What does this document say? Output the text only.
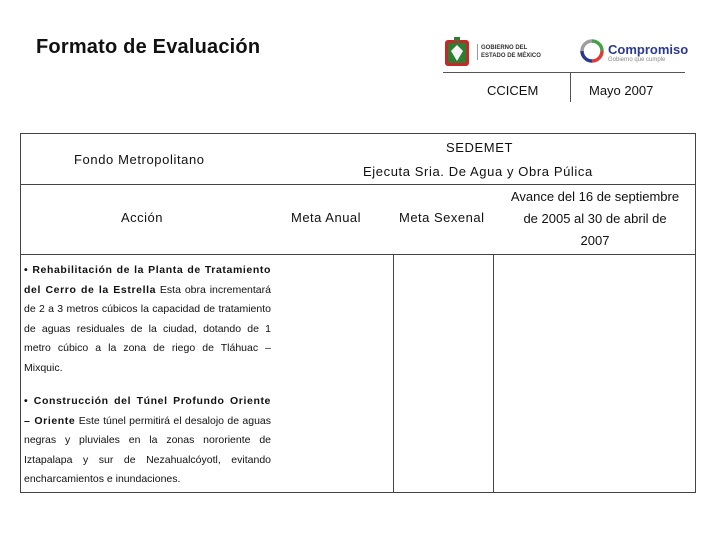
Formato de Evaluación	GOBIERNO DEL
ESTADO DE MÉXICO	Compromiso
Gobierno que cumple
CCICEM	Mayo 2007
Fondo Metropolitano
SEDEMET
Ejecuta Sria. De Agua y Obra Púlica
Acción	Meta Anual	Meta Sexenal
Avance del 16 de septiembre
de 2005 al 30 de abril de
2007
• Rehabilitación de la Planta de Tratamiento del Cerro de la Estrella Esta obra incrementará de 2 a 3 metros cúbicos la capacidad de tratamiento de aguas residuales de la ciudad, dotando de 1 metro cúbico a la zona de riego de Tláhuac – Mixquic.
• Construcción del Túnel Profundo Oriente – Oriente Este túnel permitirá el desalojo de aguas negras y pluviales en la zonas nororiente de Iztapalapa y sur de Nezahualcóyotl, evitando encharcamientos e inundaciones.
